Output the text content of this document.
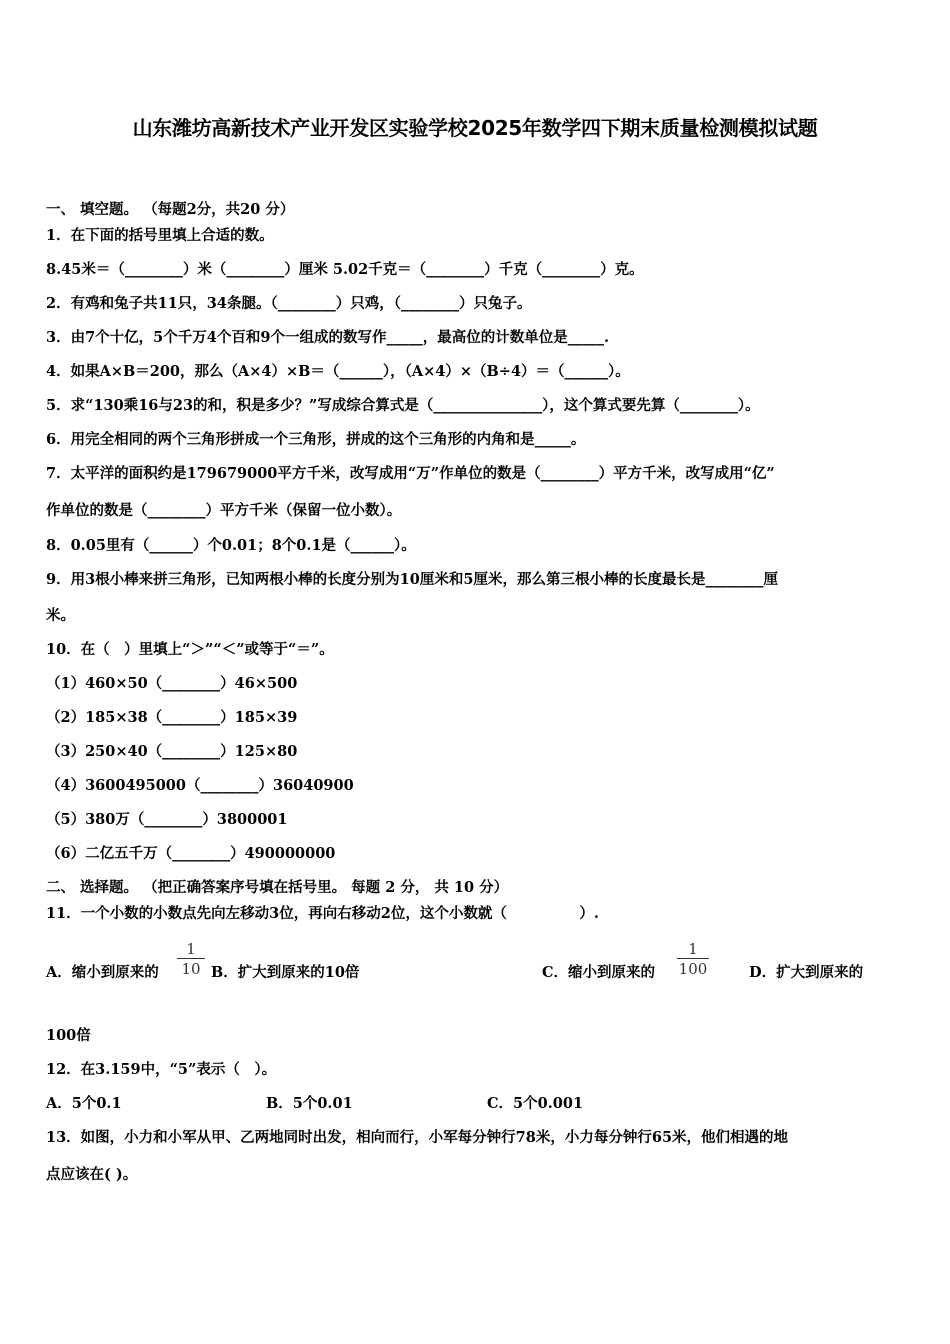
山东潍坊高新技术产业开发区实验学校2025年数学四下期末质量检测模拟试题
一、 填空题。 （每题2分，共20 分）
1．在下面的括号里填上合适的数。
8.45米＝（________）米（________）厘米 5.02千克＝（________）千克（________）克。
2．有鸡和兔子共11只，34条腿。（________）只鸡，（________）只兔子。
3．由7个十亿，5个千万4个百和9个一组成的数写作_____，最高位的计数单位是_____.
4．如果A×B＝200，那么（A×4）×B＝（______），（A×4）×（B÷4）＝（______）。
5．求“130乘16与23的和，积是多少？”写成综合算式是（_______________），这个算式要先算（________）。
6．用完全相同的两个三角形拼成一个三角形，拼成的这个三角形的内角和是_____。
7．太平洋的面积约是179679000平方千米，改写成用“万”作单位的数是（________）平方千米，改写成用“亿”
作单位的数是（________）平方千米（保留一位小数）。
8．0.05里有（______）个0.01；8个0.1是（______）。
9．用3根小棒来拼三角形，已知两根小棒的长度分别为10厘米和5厘米，那么第三根小棒的长度最长是________厘
米。
10．在（　）里填上“＞”“＜”或等于“＝”。
（1）460×50（________）46×500
（2）185×38（________）185×39
（3）250×40（________）125×80
（4）3600495000（________）36040900
（5）380万（________）3800001
（6）二亿五千万（________）490000000
二、 选择题。 （把正确答案序号填在括号里。 每题 2 分， 共 10 分）
11．一个小数的小数点先向左移动3位，再向右移动2位，这个小数就（　　　　　）.
A．缩小到原来的
1
10 B．扩大到原来的10倍	C．缩小到原来的
1
100	D．扩大到原来的
100倍
12．在3.159中，“5”表示（　）。
A．5个0.1	B．5个0.01	C．5个0.001
13．如图，小力和小军从甲、乙两地同时出发，相向而行，小军每分钟行78米，小力每分钟行65米，他们相遇的地
点应该在( )。
